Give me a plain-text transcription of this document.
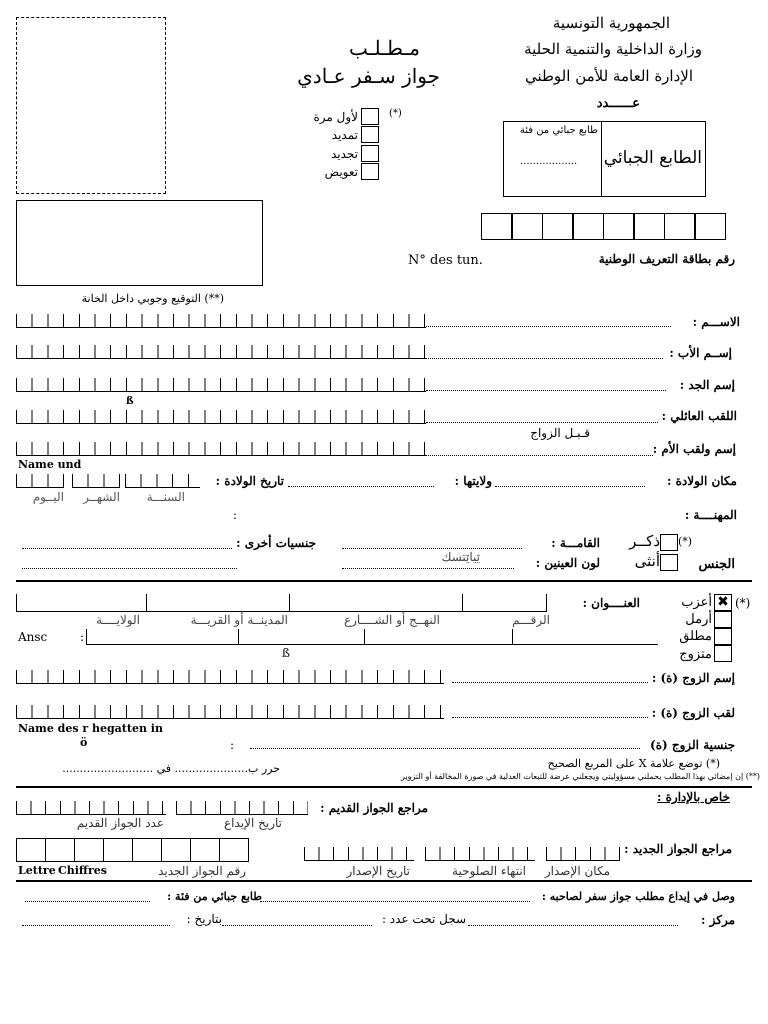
(**) التوقيع وجوبي داخل الخانة
الجمهورية التونسية
وزارة الداخلية والتنمية الحلية
الإدارة العامة للأمن الوطني
عــــــدد
مـطـلـب
جواز سـفر عـادي
(*)
لأول مرة
تمديد
تجديد
تعويض
طابع جبائي من فئة
.................. الطابع الجبائي
رقم بطاقة التعريف الوطنية
N° des tun.
الاســـم :
إســم الأب :
إسم الجد :
ß
اللقب العائلي :
قـبـل الزواج
إسم ولقب الأم :
Name und
اليــوم	الشهــر	السنـــة
تاريخ الولادة :	ولايتها :	مكان الولادة :
المهنــــة :
:
(*)
ذكــر
أنثى	الجنس
القامـــة :
لون العينين :
ێیاێتسك
جنسيات أخرى :
العنــــوان :
الرقـــم
النهــج أو الشــــارع
المدينــة أو القريـــة
الولايــــة
Ansc	:
ß
(*)
✖
أعزب
أرمل
مطلق
متزوج
إسم الزوج (ة) :
لقب الزوج (ة) :
Name des r hegatten in
ö	:	جنسية الزوج (ة)
(*) توضع علامة X على المربع الصحيح
(**) إن إمضائي بهذا المطلب يحملني مسؤوليتي ويجعلني عرضة للتبعات العدلية في صورة المخالفة أو التزوير
حرر ب..................... في ..........................
خاص بالإدارة :
مراجع الجواز القديم :
تاريخ الإيداع
عدد الجواز القديم
مراجع الجواز الجديد :
مكان الإصدار
انتهاء الصلوحية
تاريخ الإصدار
Lettre Chiffres	رقم الجواز الجديد
وصل في إيداع مطلب جواز سفر لصاحبه :
طابع جبائي من فئة :
مركز :
سجل تحت عدد :
بتاريخ :
